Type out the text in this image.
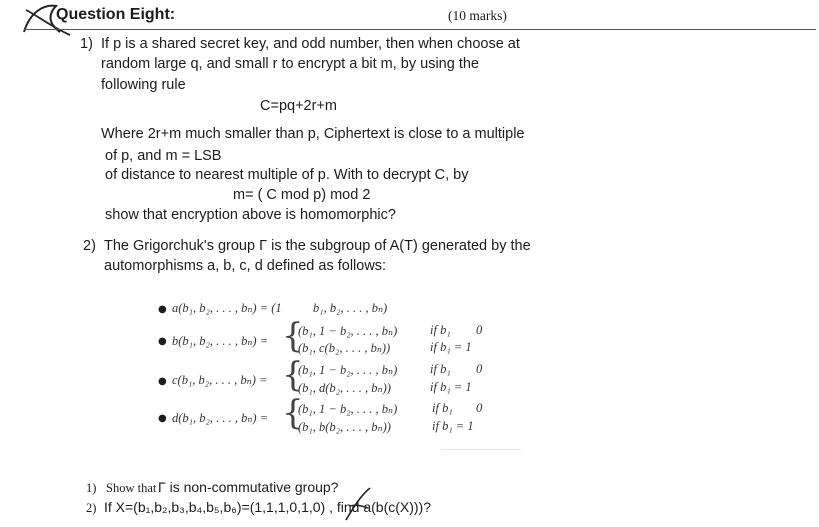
Question Eight:	(10 marks)
1) If p is a shared secret key, and odd number, then when choose at
random large q, and small r to encrypt a bit m, by using the
following rule
C=pq+2r+m
Where 2r+m much smaller than p, Ciphertext is close to a multiple
of p, and m = LSB
of distance to nearest multiple of p. With to decrypt C, by
m= ( C mod p) mod 2
show that encryption above is homomorphic?
2) The Grigorchuk's group Γ is the subgroup of A(T) generated by the
automorphisms a, b, c, d defined as follows:
● a(b₁, b₂, . . . , bₙ) = (1	b₁, b₂, . . . , bₙ)
● b(b₁, b₂, . . . , bₙ) = {
(b₁, 1 − b₂, . . . , bₙ)
(b₁, c(b₂, . . . , bₙ))
if b₁ 0
if b₁ = 1
● c(b₁, b₂, . . . , bₙ) = {
(b₁, 1 − b₂, . . . , bₙ)
(b₁, d(b₂, . . . , bₙ))
if b₁ 0
if b₁ = 1
● d(b₁, b₂, . . . , bₙ) = {
(b₁, 1 − b₂, . . . , bₙ)
(b₁, b(b₂, . . . , bₙ))
if b₁ 0
if b₁ = 1
1) Show that Γ is non-commutative group?
2) If X=(b₁,b₂,b₃,b₄,b₅,b₆)=(1,1,1,0,1,0) , find a(b(c(X)))?
